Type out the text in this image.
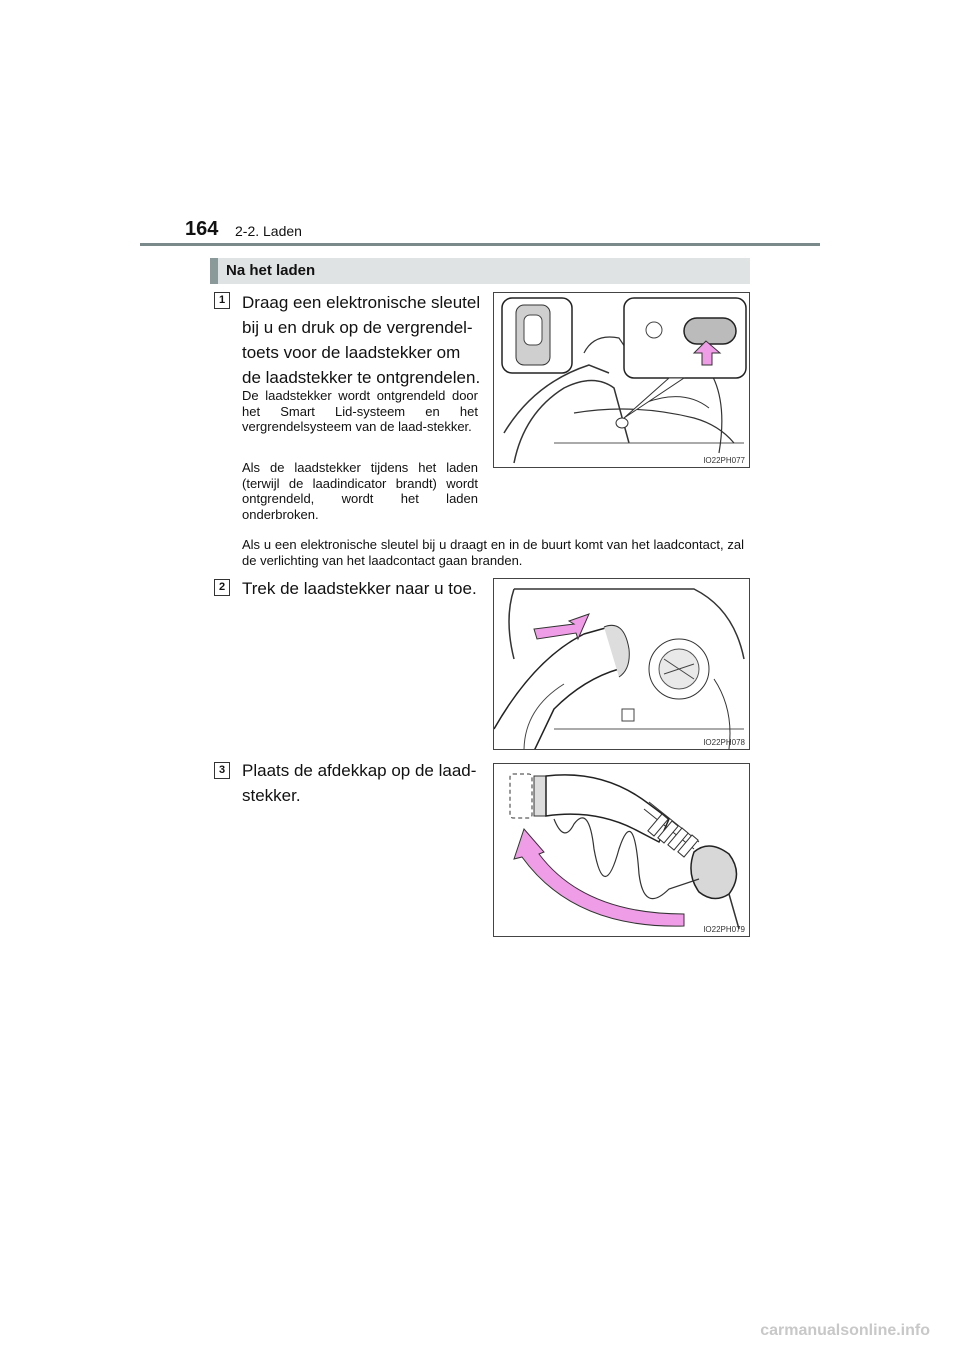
164 2-2. Laden
Na het laden
1 Draag een elektronische sleutel bij u en druk op de vergrendel-toets voor de laadstekker om de laadstekker te ontgrendelen.
De laadstekker wordt ontgrendeld door het Smart Lid-systeem en het vergrendelsysteem van de laad-stekker.
Als de laadstekker tijdens het laden (terwijl de laadindicator brandt) wordt ontgrendeld, wordt het laden onderbroken.
Als u een elektronische sleutel bij u draagt en in de buurt komt van het laadcontact, zal de verlichting van het laadcontact gaan branden.
IO22PH077
2 Trek de laadstekker naar u toe.
IO22PH078
3 Plaats de afdekkap op de laad-stekker.
IO22PH079
carmanualsonline.info
